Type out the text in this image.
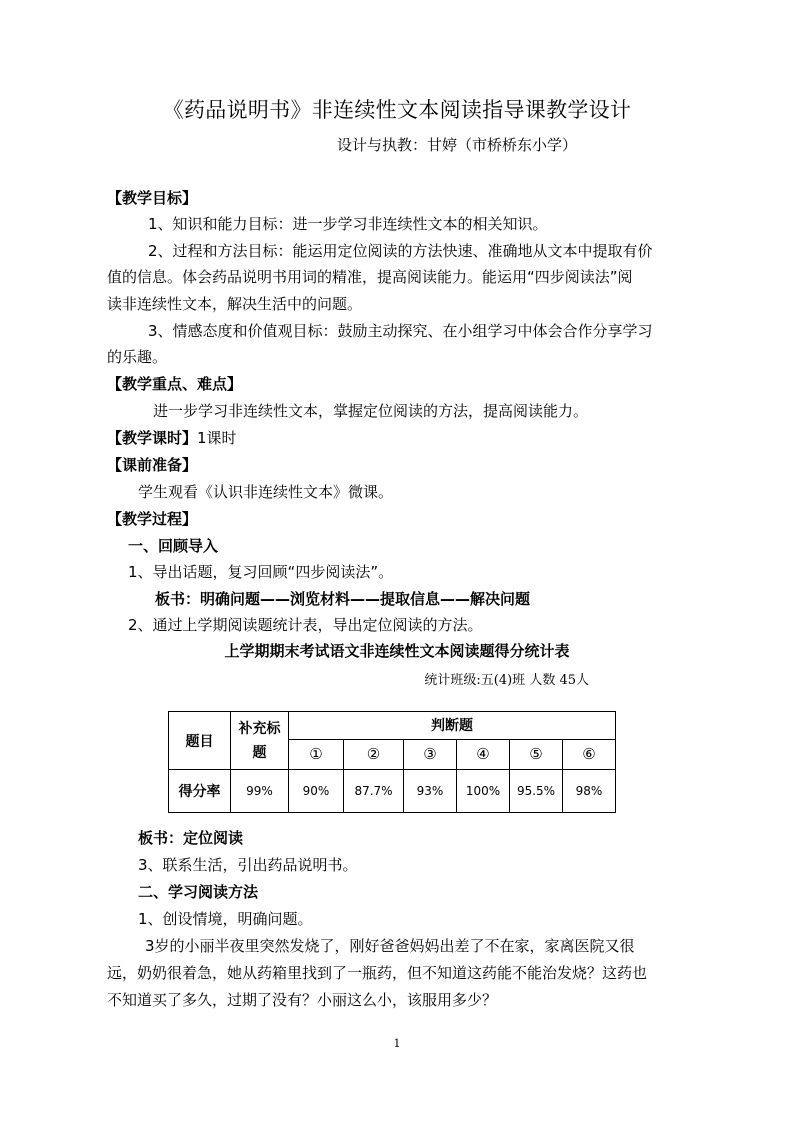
《药品说明书》非连续性文本阅读指导课教学设计
设计与执教：甘婷（市桥桥东小学）
【教学目标】
1、知识和能力目标：进一步学习非连续性文本的相关知识。
2、过程和方法目标：能运用定位阅读的方法快速、准确地从文本中提取有价
值的信息。体会药品说明书用词的精准，提高阅读能力。能运用“四步阅读法”阅
读非连续性文本，解决生活中的问题。
3、情感态度和价值观目标：鼓励主动探究、在小组学习中体会合作分享学习
的乐趣。
【教学重点、难点】
进一步学习非连续性文本，掌握定位阅读的方法，提高阅读能力。
【教学课时】1课时
【课前准备】
学生观看《认识非连续性文本》微课。
【教学过程】
一、回顾导入
1、导出话题，复习回顾“四步阅读法”。
板书：明确问题——浏览材料——提取信息——解决问题
2、通过上学期阅读题统计表，导出定位阅读的方法。
上学期期末考试语文非连续性文本阅读题得分统计表
统计班级:五(4)班 人数 45人
题目	补充标
题	判断题					
		①	②	③	④	⑤	⑥
得分率	99%	90%	87.7%	93%	100%	95.5%	98%
板书：定位阅读
3、联系生活，引出药品说明书。
二、学习阅读方法
1、创设情境，明确问题。
3岁的小丽半夜里突然发烧了，刚好爸爸妈妈出差了不在家，家离医院又很
远，奶奶很着急，她从药箱里找到了一瓶药，但不知道这药能不能治发烧？这药也
不知道买了多久，过期了没有？小丽这么小，该服用多少？
1
